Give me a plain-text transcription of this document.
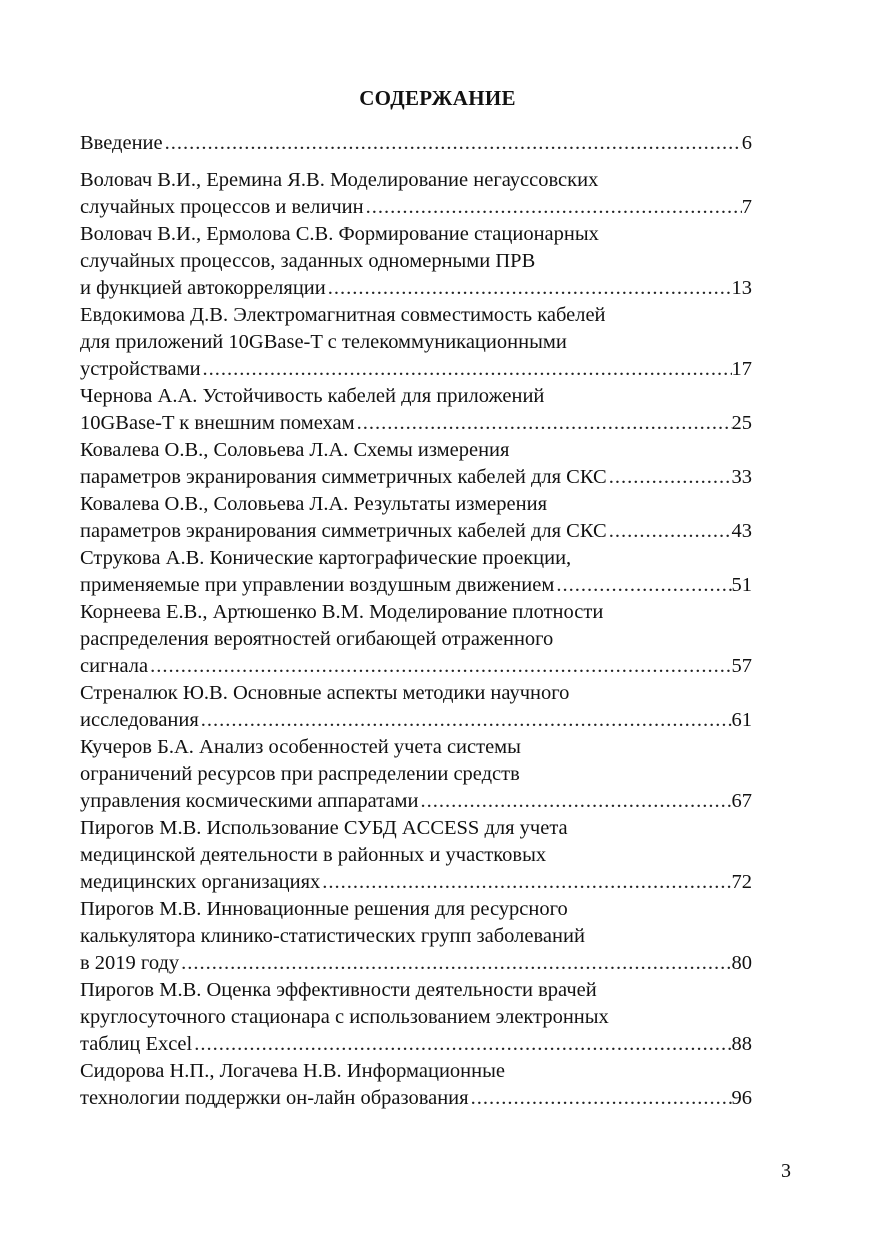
СОДЕРЖАНИЕ
Введение .....	6
Воловач В.И., Еремина Я.В. Моделирование негауссовских
случайных процессов и величин .....	7
Воловач В.И., Ермолова С.В. Формирование стационарных
случайных процессов, заданных одномерными ПРВ
и функцией автокорреляции .....	13
Евдокимова Д.В. Электромагнитная совместимость кабелей
для приложений 10GBase-T с телекоммуникационными
устройствами .....	17
Чернова А.А. Устойчивость кабелей для приложений
10GBase-T к внешним помехам .....	25
Ковалева О.В., Соловьева Л.А. Схемы измерения
параметров экранирования симметричных кабелей для СКС .....	33
Ковалева О.В., Соловьева Л.А. Результаты измерения
параметров экранирования симметричных кабелей для СКС .....	43
Струкова А.В. Конические картографические проекции,
применяемые при управлении воздушным движением .....	51
Корнеева Е.В., Артюшенко В.М. Моделирование плотности
распределения вероятностей огибающей отраженного
сигнала .....	57
Стреналюк Ю.В. Основные аспекты методики научного
исследования .....	61
Кучеров Б.А. Анализ особенностей учета системы
ограничений ресурсов при распределении средств
управления космическими аппаратами .....	67
Пирогов М.В. Использование СУБД ACCESS для учета
медицинской деятельности в районных и участковых
медицинских организациях .....	72
Пирогов М.В. Инновационные решения для ресурсного
калькулятора клинико-статистических групп заболеваний
в 2019 году .....	80
Пирогов М.В. Оценка эффективности деятельности врачей
круглосуточного стационара с использованием электронных
таблиц Excel .....	88
Сидорова Н.П., Логачева Н.В. Информационные
технологии поддержки он-лайн образования .....	96
3
